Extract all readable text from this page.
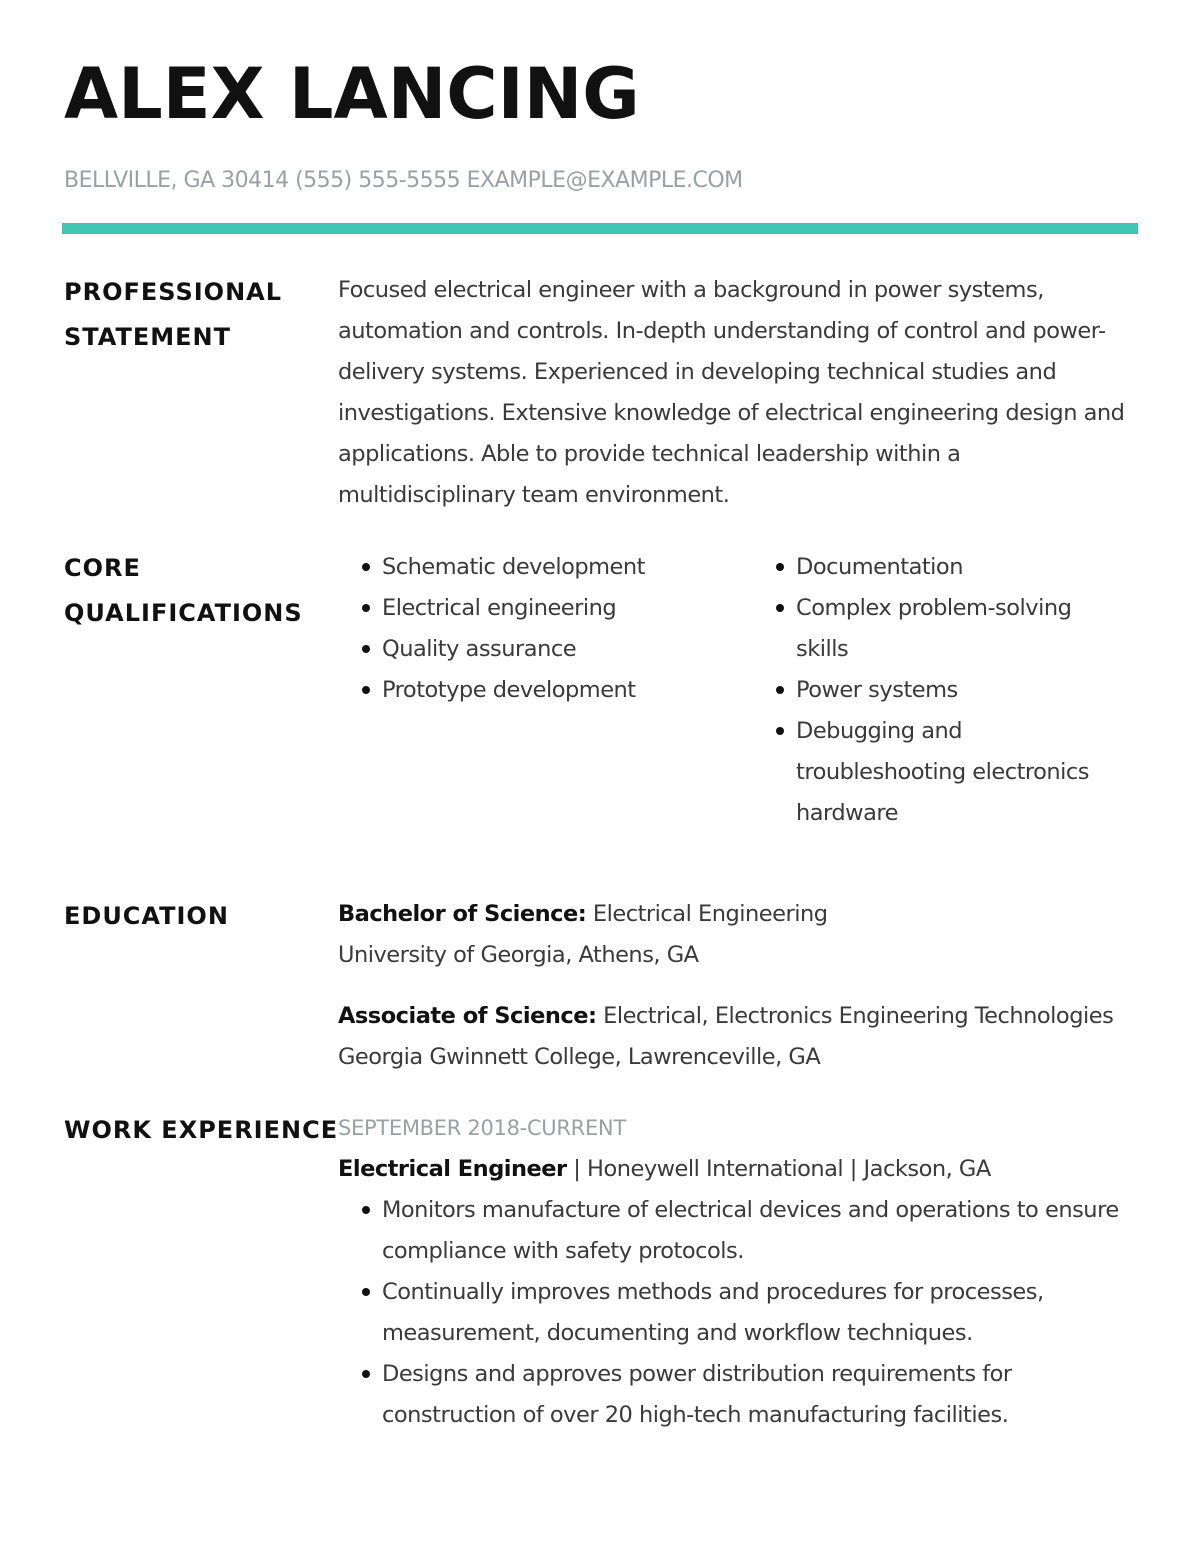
ALEX LANCING
BELLVILLE, GA 30414 (555) 555-5555 EXAMPLE@EXAMPLE.COM
PROFESSIONAL
STATEMENT
Focused electrical engineer with a background in power systems, automation and controls. In-depth understanding of control and power-delivery systems. Experienced in developing technical studies and investigations. Extensive knowledge of electrical engineering design and applications. Able to provide technical leadership within a multidisciplinary team environment.
CORE
QUALIFICATIONS
Schematic development
Electrical engineering
Quality assurance
Prototype development
Documentation
Complex problem-solving skills
Power systems
Debugging and troubleshooting electronics hardware
EDUCATION	Bachelor of Science: Electrical Engineering
University of Georgia, Athens, GA
Associate of Science: Electrical, Electronics Engineering Technologies
Georgia Gwinnett College, Lawrenceville, GA
WORK EXPERIENCE SEPTEMBER 2018-CURRENT
Electrical Engineer | Honeywell International | Jackson, GA
Monitors manufacture of electrical devices and operations to ensure compliance with safety protocols.
Continually improves methods and procedures for processes, measurement, documenting and workflow techniques.
Designs and approves power distribution requirements for construction of over 20 high-tech manufacturing facilities.
